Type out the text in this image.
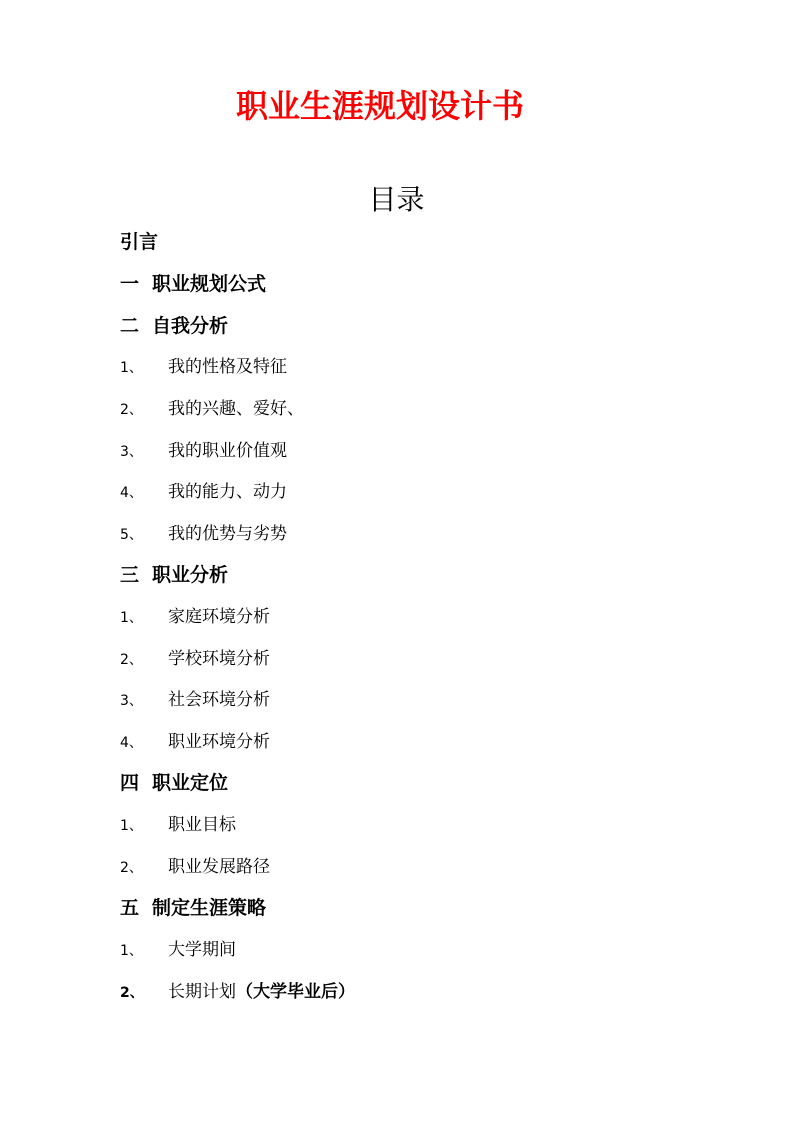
职业生涯规划设计书
目录
引言
一 职业规划公式
二 自我分析
1、 我的性格及特征
2、 我的兴趣、爱好、
3、 我的职业价值观
4、 我的能力、动力
5、 我的优势与劣势
三 职业分析
1、 家庭环境分析
2、 学校环境分析
3、 社会环境分析
4、 职业环境分析
四 职业定位
1、 职业目标
2、 职业发展路径
五 制定生涯策略
1、 大学期间
2、 长期计划（大学毕业后）
